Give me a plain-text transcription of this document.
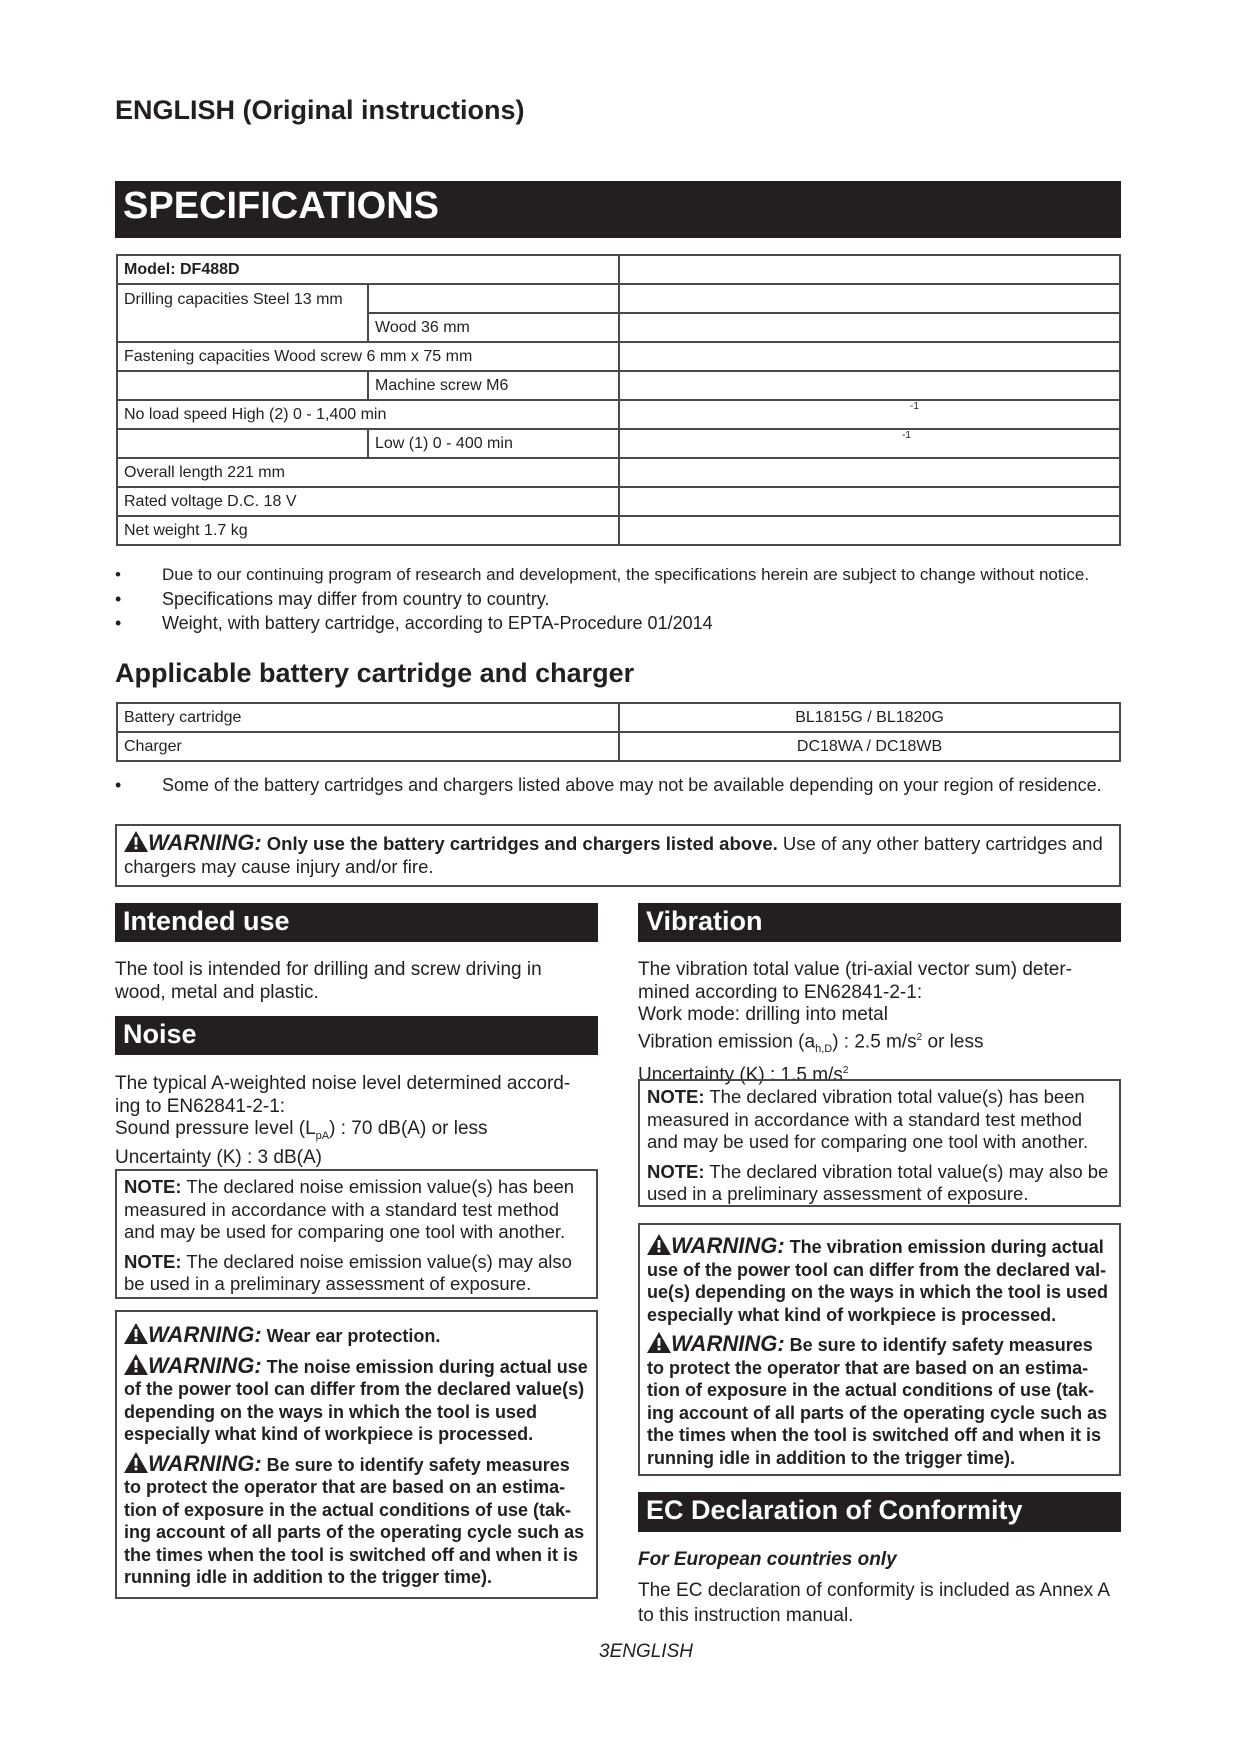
ENGLISH (Original instructions)
SPECIFICATIONS
Model: DF488D		
Drilling capacities Steel 13 mm		
	Wood 36 mm	
Fastening capacities Wood screw 6 mm x 75 mm		
	Machine screw M6	
No load speed High (2) 0 - 1,400 min		$^{-1}$
	Low (1) 0 - 400 min	$^{-1}$
Overall length 221 mm		
Rated voltage D.C. 18 V		
Net weight 1.7 kg		
•	Due to our continuing program of research and development, the specifications herein are subject to change without notice.
•	Specifications may differ from country to country.
•	Weight, with battery cartridge, according to EPTA-Procedure 01/2014
Applicable battery cartridge and charger
Battery cartridge	BL1815G / BL1820G
Charger	DC18WA / DC18WB
•	Some of the battery cartridges and chargers listed above may not be available depending on your region of residence.
WARNING: Only use the battery cartridges and chargers listed above. Use of any other battery cartridges and chargers may cause injury and/or fire.
Intended use

The tool is intended for drilling and screw driving in wood, metal and plastic.

Noise

The typical A-weighted noise level determined accord-ing to EN62841-2-1:

Sound pressure level $(L_{pA})$ : 70 dB(A) or less

Uncertainty (K) : 3 dB(A)

NOTE: The declared noise emission value(s) has been measured in accordance with a standard test method and may be used for comparing one tool with another.

NOTE: The declared noise emission value(s) may also be used in a preliminary assessment of exposure.

WARNING: Wear ear protection.

WARNING: The noise emission during actual use of the power tool can differ from the declared value(s) depending on the ways in which the tool is used especially what kind of workpiece is processed.

WARNING: Be sure to identify safety measures to protect the operator that are based on an estima-tion of exposure in the actual conditions of use (tak-ing account of all parts of the operating cycle such as the times when the tool is switched off and when it is running idle in addition to the trigger time).

Vibration

The vibration total value (tri-axial vector sum) deter-mined according to EN62841-2-1:

Work mode: drilling into metal

Vibration emission $(a_{h,D})$ : 2.5 $m/s^2$ or less

Uncertainty (K) : 1.5 $m/s^2$

NOTE: The declared vibration total value(s) has been measured in accordance with a standard test method and may be used for comparing one tool with another.

NOTE: The declared vibration total value(s) may also be used in a preliminary assessment of exposure.

WARNING: The vibration emission during actual use of the power tool can differ from the declared val-ue(s) depending on the ways in which the tool is used especially what kind of workpiece is processed.

WARNING: Be sure to identify safety measures to protect the operator that are based on an estima-tion of exposure in the actual conditions of use (tak-ing account of all parts of the operating cycle such as the times when the tool is switched off and when it is running idle in addition to the trigger time).

EC Declaration of Conformity

For European countries only

The EC declaration of conformity is included as Annex A to this instruction manual.

3ENGLISH
